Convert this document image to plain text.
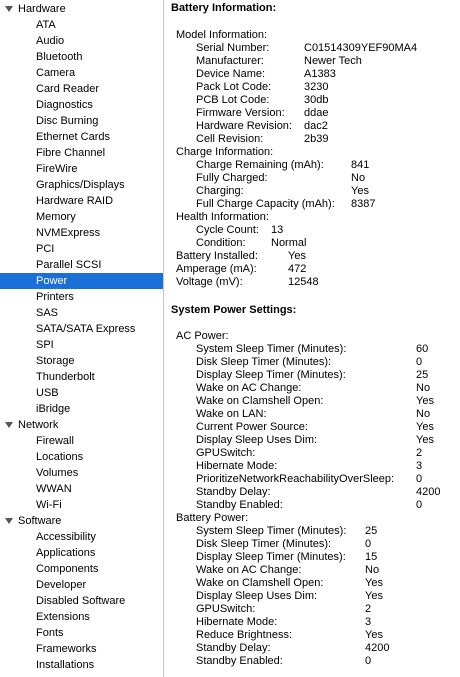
Hardware
ATA
Audio
Bluetooth
Camera
Card Reader
Diagnostics
Disc Burning
Ethernet Cards
Fibre Channel
FireWire
Graphics/Displays
Hardware RAID
Memory
NVMExpress
PCI
Parallel SCSI
Power
Printers
SAS
SATA/SATA Express
SPI
Storage
Thunderbolt
USB
iBridge
Network
Firewall
Locations
Volumes
WWAN
Wi-Fi
Software
Accessibility
Applications
Components
Developer
Disabled Software
Extensions
Fonts
Frameworks
Installations
Battery Information:
Model Information:
Serial Number:	C01514309YEF90MA4
Manufacturer:	Newer Tech
Device Name:	A1383
Pack Lot Code:	3230
PCB Lot Code:	30db
Firmware Version: ddae
Hardware Revision: dac2
Cell Revision:	2b39
Charge Information:
Charge Remaining (mAh): 841
Fully Charged:	No
Charging:	Yes
Full Charge Capacity (mAh): 8387
Health Information:
Cycle Count: 13
Condition: Normal
Battery Installed:	Yes
Amperage (mA):	472
Voltage (mV):	12548
System Power Settings:
AC Power:
System Sleep Timer (Minutes):	60
Disk Sleep Timer (Minutes):	0
Display Sleep Timer (Minutes):	25
Wake on AC Change:	No
Wake on Clamshell Open:	Yes
Wake on LAN:	No
Current Power Source:	Yes
Display Sleep Uses Dim:	Yes
GPUSwitch:	2
Hibernate Mode:	3
PrioritizeNetworkReachabilityOverSleep: 0
Standby Delay:	4200
Standby Enabled:	0
Battery Power:
System Sleep Timer (Minutes): 25
Disk Sleep Timer (Minutes):	0
Display Sleep Timer (Minutes): 15
Wake on AC Change:	No
Wake on Clamshell Open:	Yes
Display Sleep Uses Dim:	Yes
GPUSwitch:	2
Hibernate Mode:	3
Reduce Brightness:	Yes
Standby Delay:	4200
Standby Enabled:	0
